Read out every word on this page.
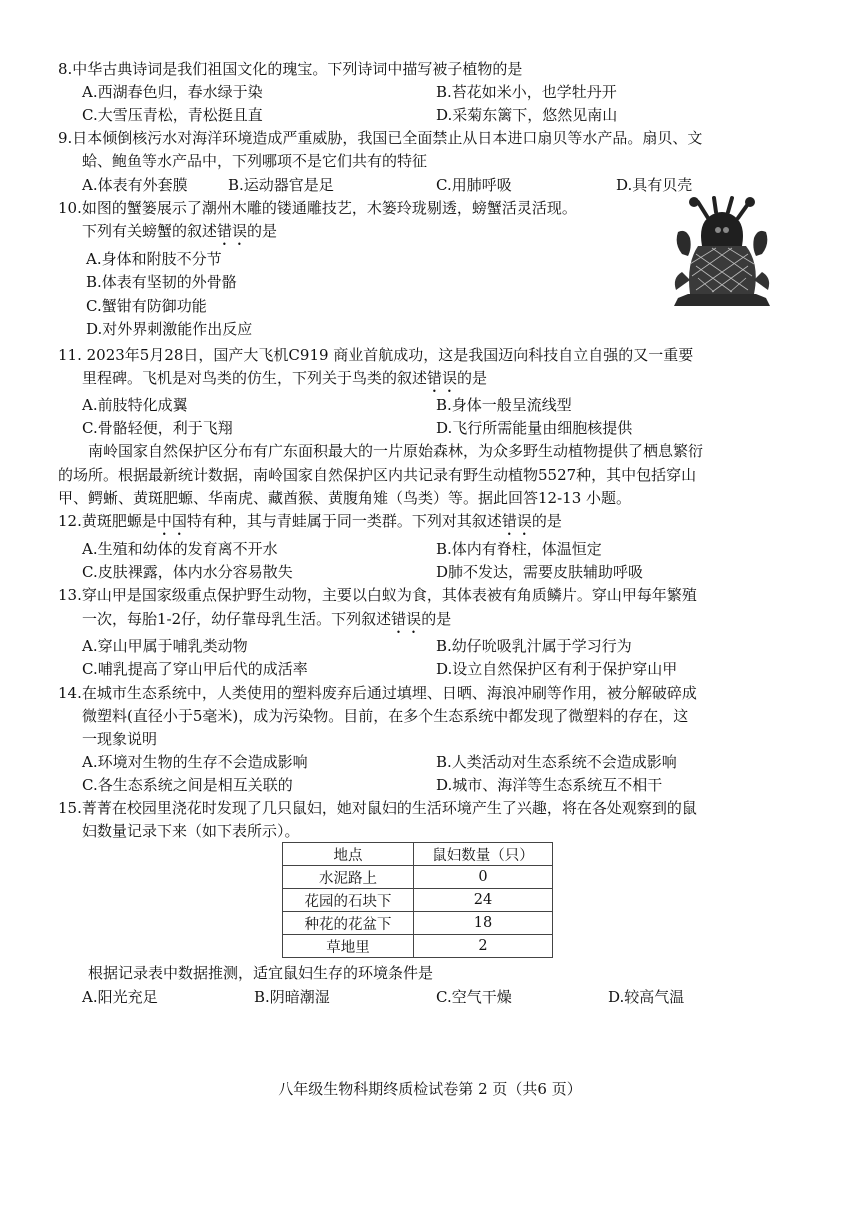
8.中华古典诗词是我们祖国文化的瑰宝。下列诗词中描写被子植物的是
A.西湖春色归，春水绿于染	B.苔花如米小，也学牡丹开
C.大雪压青松，青松挺且直	D.采菊东篱下，悠然见南山
9.日本倾倒核污水对海洋环境造成严重威胁，我国已全面禁止从日本进口扇贝等水产品。扇贝、文
蛤、鲍鱼等水产品中，下列哪项不是它们共有的特征
A.体表有外套膜	B.运动器官是足	C.用肺呼吸	D.具有贝壳
10.如图的蟹篓展示了潮州木雕的镂通雕技艺，木篓玲珑剔透，螃蟹活灵活现。
下列有关螃蟹的叙述错误的是
A.身体和附肢不分节
B.体表有坚韧的外骨骼
C.蟹钳有防御功能
D.对外界刺激能作出反应
11. 2023年5月28日，国产大飞机C919 商业首航成功，这是我国迈向科技自立自强的又一重要
里程碑。飞机是对鸟类的仿生，下列关于鸟类的叙述错误的是
A.前肢特化成翼	B.身体一般呈流线型
C.骨骼轻便，利于飞翔	D.飞行所需能量由细胞核提供
南岭国家自然保护区分布有广东面积最大的一片原始森林，为众多野生动植物提供了栖息繁衍
的场所。根据最新统计数据，南岭国家自然保护区内共记录有野生动植物5527种，其中包括穿山
甲、鳄蜥、黄斑肥螈、华南虎、藏酋猴、黄腹角雉（鸟类）等。据此回答12-13 小题。
12.黄斑肥螈是中国特有种，其与青蛙属于同一类群。下列对其叙述错误的是
A.生殖和幼体的发育离不开水	B.体内有脊柱，体温恒定
C.皮肤裸露，体内水分容易散失	D肺不发达，需要皮肤辅助呼吸
13.穿山甲是国家级重点保护野生动物，主要以白蚁为食，其体表被有角质鳞片。穿山甲每年繁殖
一次，每胎1-2仔，幼仔靠母乳生活。下列叙述错误的是
A.穿山甲属于哺乳类动物	B.幼仔吮吸乳汁属于学习行为
C.哺乳提高了穿山甲后代的成活率	D.设立自然保护区有利于保护穿山甲
14.在城市生态系统中，人类使用的塑料废弃后通过填埋、日晒、海浪冲刷等作用，被分解破碎成
微塑料(直径小于5毫米)，成为污染物。目前，在多个生态系统中都发现了微塑料的存在，这
一现象说明
A.环境对生物的生存不会造成影响	B.人类活动对生态系统不会造成影响
C.各生态系统之间是相互关联的	D.城市、海洋等生态系统互不相干
15.菁菁在校园里浇花时发现了几只鼠妇，她对鼠妇的生活环境产生了兴趣，将在各处观察到的鼠
妇数量记录下来（如下表所示）。
地点	鼠妇数量（只）
水泥路上	0
花园的石块下	24
种花的花盆下	18
草地里	2
根据记录表中数据推测，适宜鼠妇生存的环境条件是
A.阳光充足	B.阴暗潮湿	C.空气干燥	D.较高气温
八年级生物科期终质检试卷第 2 页（共6 页）
